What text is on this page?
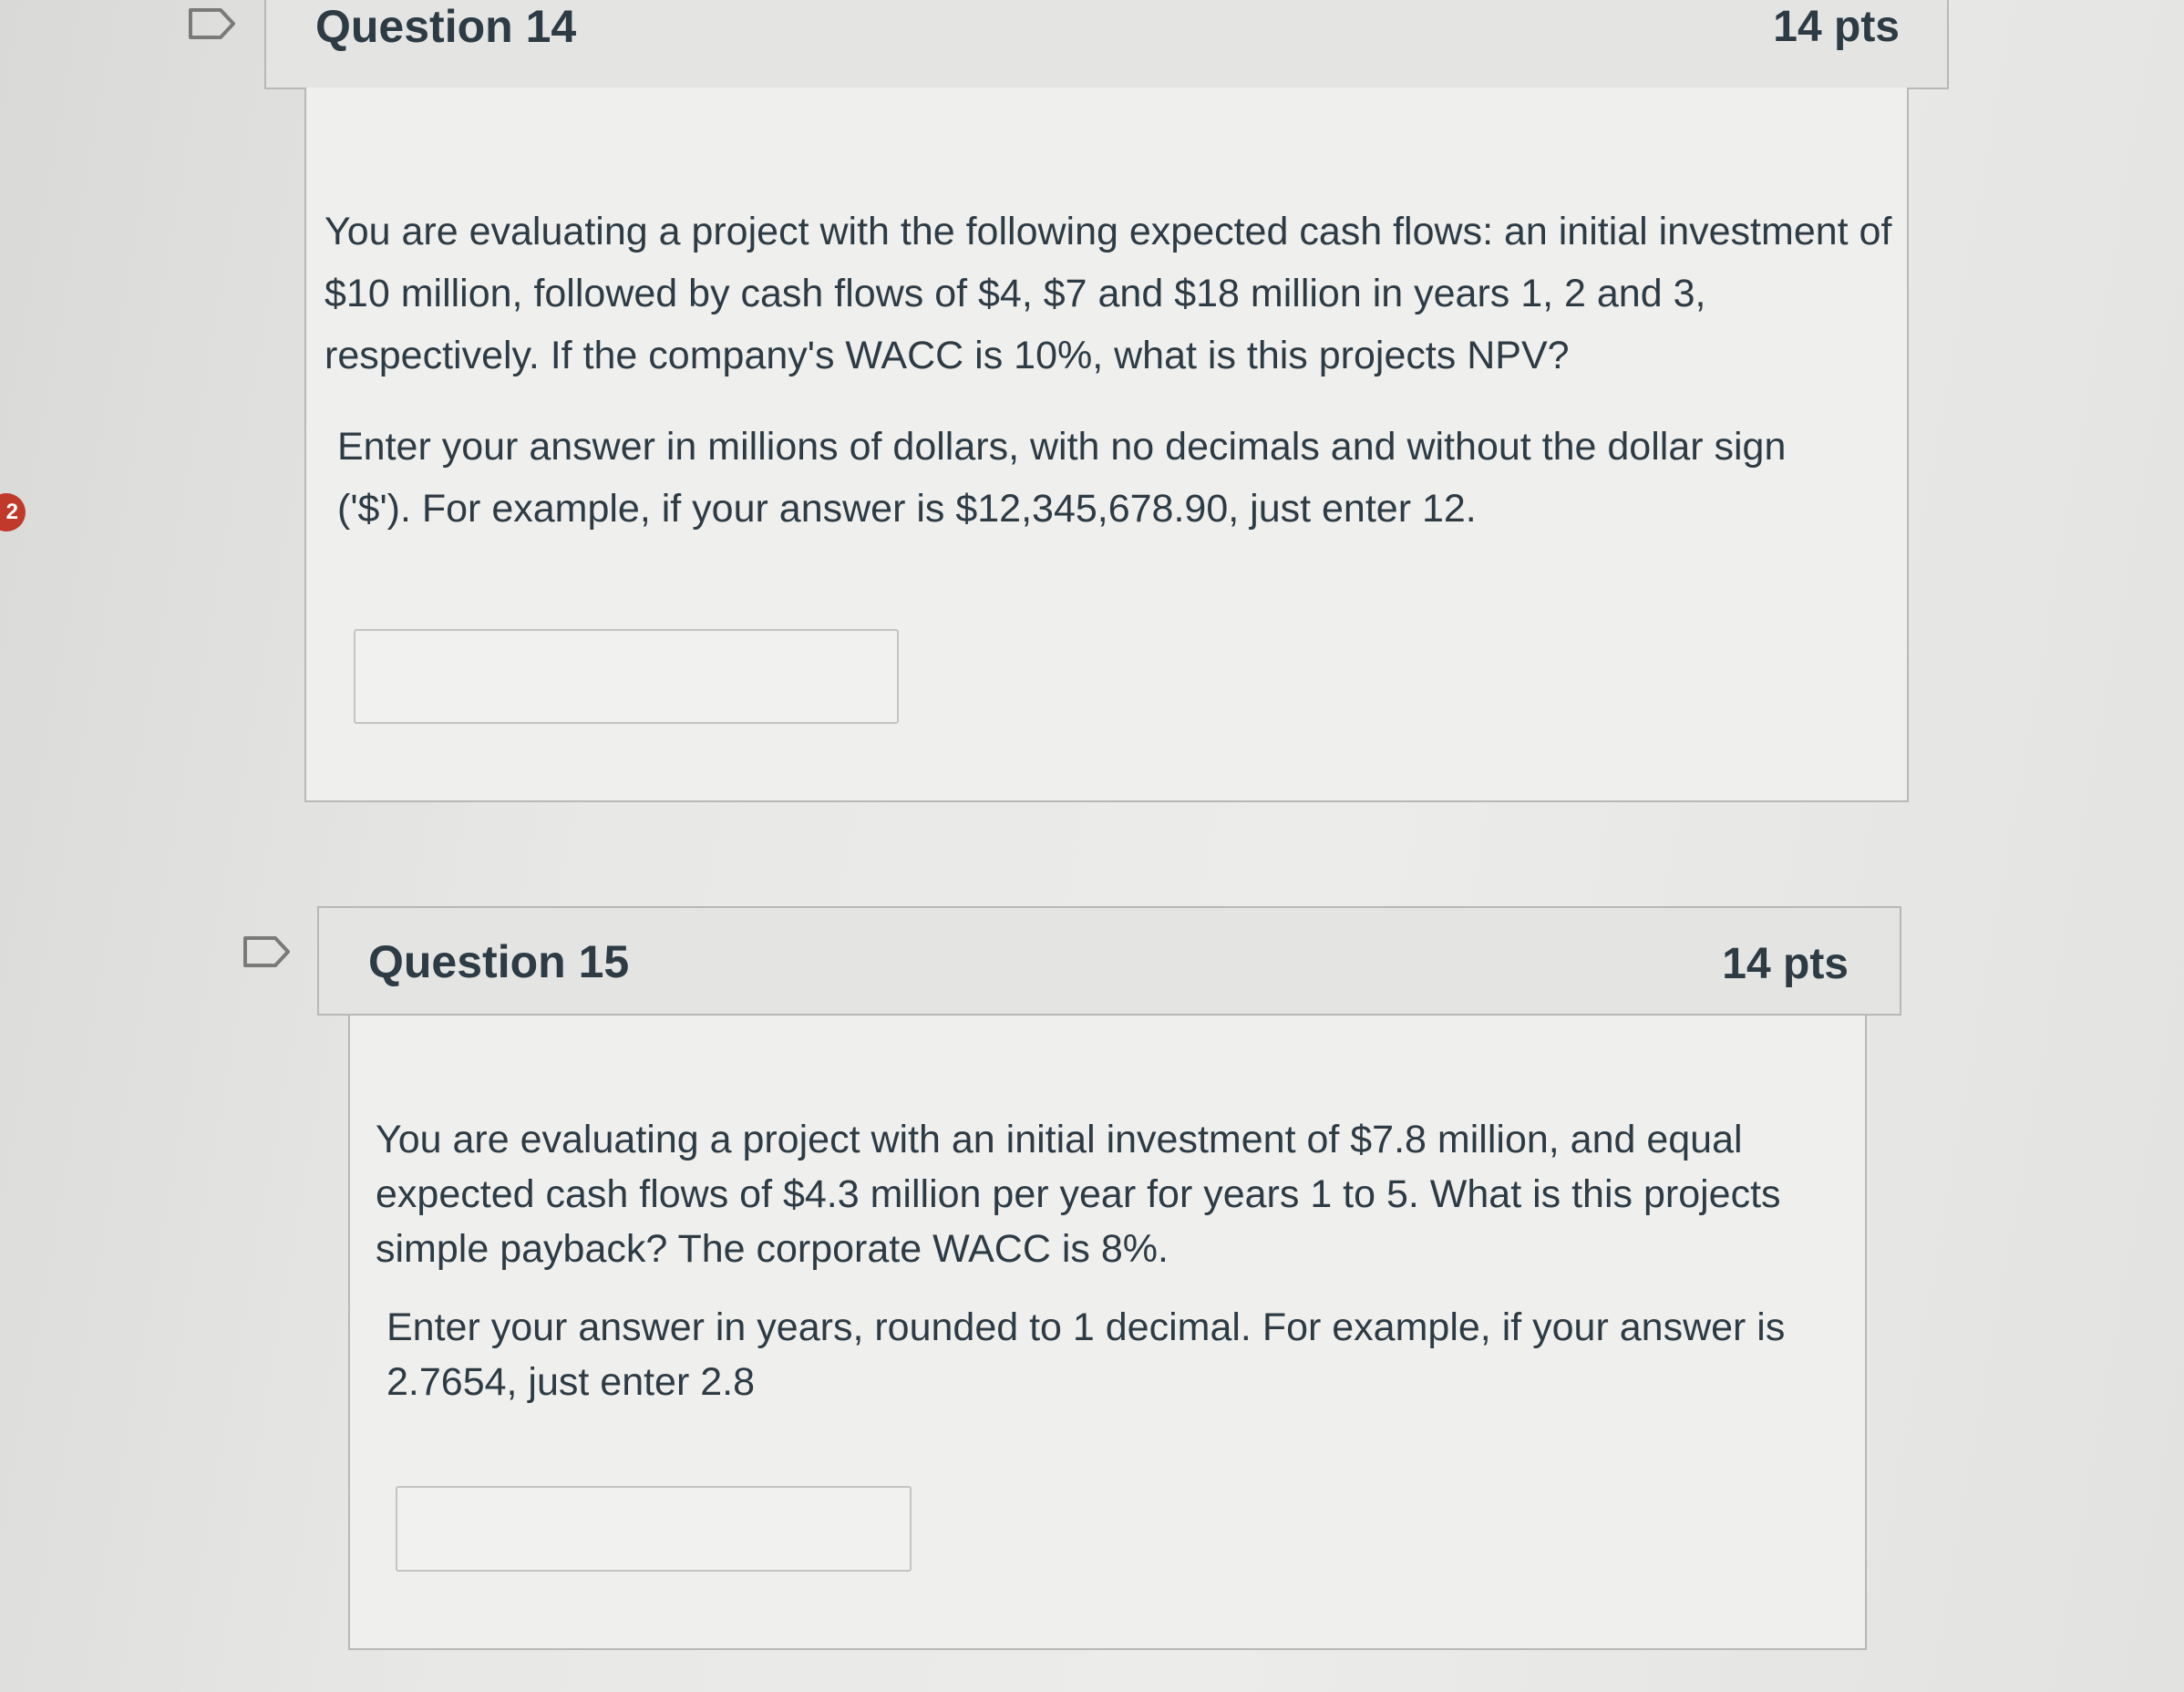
2
Question 14	14 pts
You are evaluating a project with the following expected cash flows: an initial investment of $10 million, followed by cash flows of $4, $7 and $18 million in years 1, 2 and 3, respectively. If the company's WACC is 10%, what is this projects NPV?
Enter your answer in millions of dollars, with no decimals and without the dollar sign ('$'). For example, if your answer is $12,345,678.90, just enter 12.
Question 15	14 pts
You are evaluating a project with an initial investment of $7.8 million, and equal expected cash flows of $4.3 million per year for years 1 to 5. What is this projects simple payback? The corporate WACC is 8%.
Enter your answer in years, rounded to 1 decimal. For example, if your answer is 2.7654, just enter 2.8
